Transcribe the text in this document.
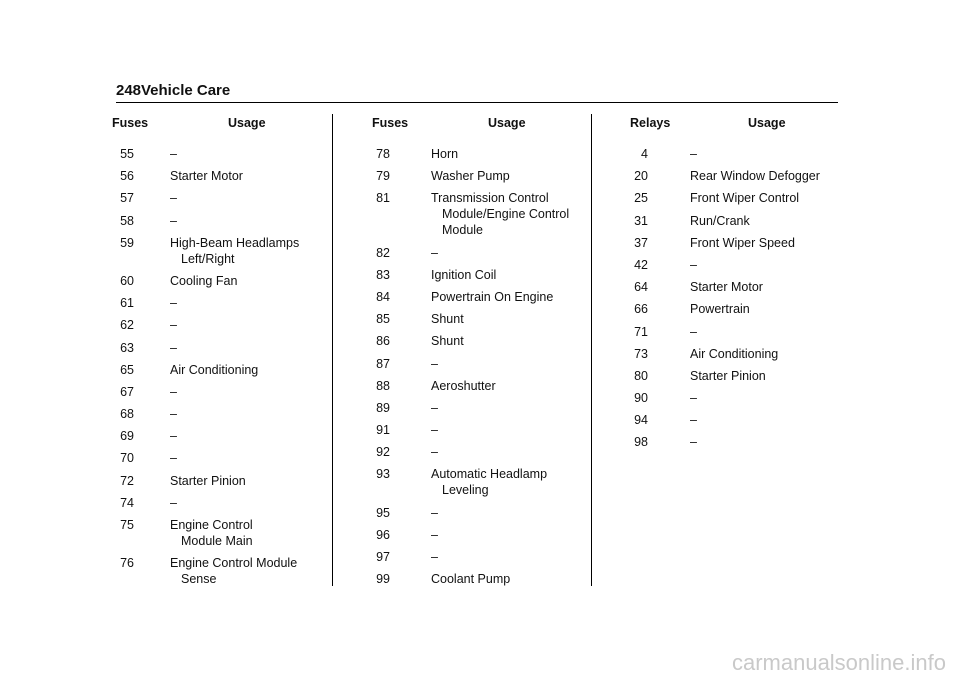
248 Vehicle Care
Fuses	Usage
55	–
56	Starter Motor
57	–
58	–
59	High-Beam Headlamps
Left/Right
60	Cooling Fan
61	–
62	–
63	–
65	Air Conditioning
67	–
68	–
69	–
70	–
72	Starter Pinion
74	–
75	Engine Control
Module Main
76	Engine Control Module
Sense
Fuses	Usage
78	Horn
79	Washer Pump
81	Transmission Control
Module/Engine Control
Module
82	–
83	Ignition Coil
84	Powertrain On Engine
85	Shunt
86	Shunt
87	–
88	Aeroshutter
89	–
91	–
92	–
93	Automatic Headlamp
Leveling
95	–
96	–
97	–
99	Coolant Pump
Relays	Usage
4	–
20	Rear Window Defogger
25	Front Wiper Control
31	Run/Crank
37	Front Wiper Speed
42	–
64	Starter Motor
66	Powertrain
71	–
73	Air Conditioning
80	Starter Pinion
90	–
94	–
98	–
carmanualsonline.info
